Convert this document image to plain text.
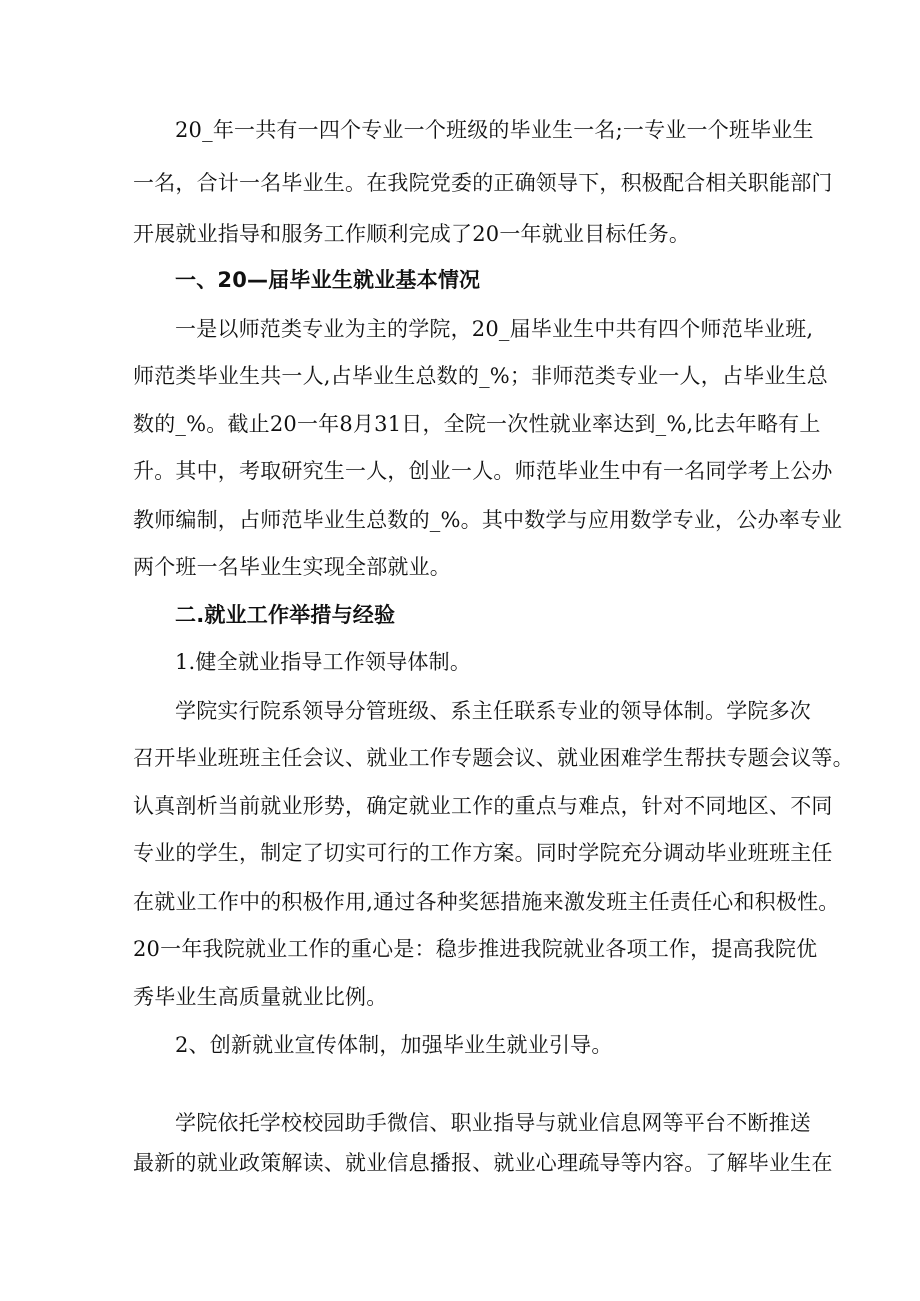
20_年一共有一四个专业一个班级的毕业生一名;一专业一个班毕业生
一名，合计一名毕业生。在我院党委的正确领导下，积极配合相关职能部门
开展就业指导和服务工作顺利完成了20一年就业目标任务。
一、20—届毕业生就业基本情况
一是以师范类专业为主的学院，20_届毕业生中共有四个师范毕业班,
师范类毕业生共一人,占毕业生总数的_%；非师范类专业一人，占毕业生总
数的_%。截止20一年8月31日，全院一次性就业率达到_%,比去年略有上
升。其中，考取研究生一人，创业一人。师范毕业生中有一名同学考上公办
教师编制，占师范毕业生总数的_%。其中数学与应用数学专业，公办率专业
两个班一名毕业生实现全部就业。
二.就业工作举措与经验
1.健全就业指导工作领导体制。
学院实行院系领导分管班级、系主任联系专业的领导体制。学院多次
召开毕业班班主任会议、就业工作专题会议、就业困难学生帮扶专题会议等。
认真剖析当前就业形势，确定就业工作的重点与难点，针对不同地区、不同
专业的学生，制定了切实可行的工作方案。同时学院充分调动毕业班班主任
在就业工作中的积极作用,通过各种奖惩措施来激发班主任责任心和积极性。
20一年我院就业工作的重心是：稳步推进我院就业各项工作，提高我院优
秀毕业生高质量就业比例。
2、创新就业宣传体制，加强毕业生就业引导。
学院依托学校校园助手微信、职业指导与就业信息网等平台不断推送
最新的就业政策解读、就业信息播报、就业心理疏导等内容。了解毕业生在
